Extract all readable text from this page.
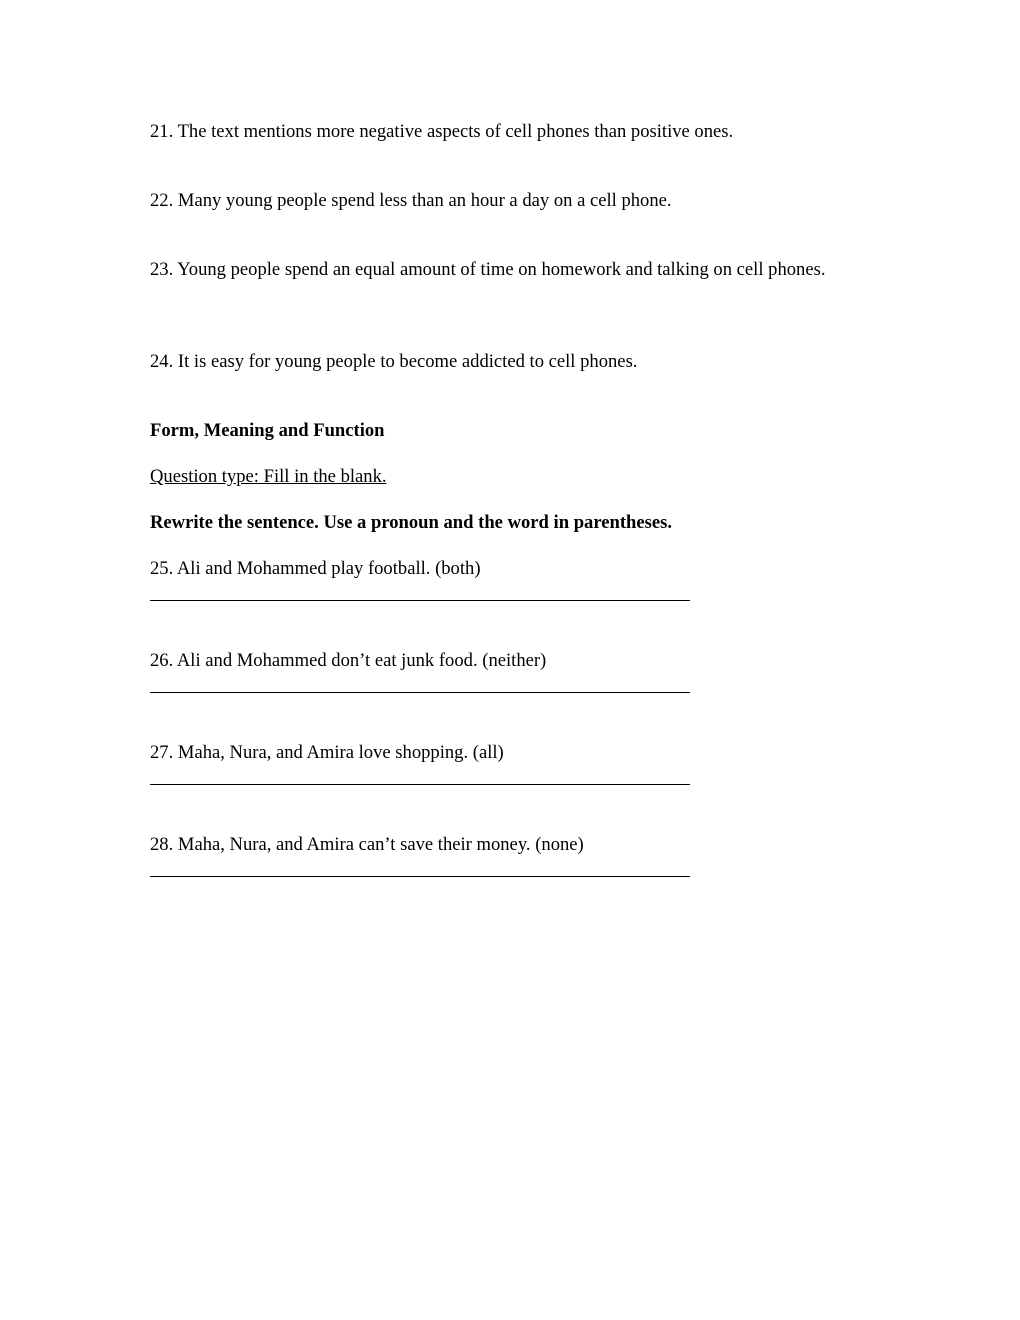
21. The text mentions more negative aspects of cell phones than positive ones.

22. Many young people spend less than an hour a day on a cell phone.

23. Young people spend an equal amount of time on homework and talking on cell phones.

24. It is easy for young people to become addicted to cell phones.

Form, Meaning and Function

Question type: Fill in the blank.

Rewrite the sentence. Use a pronoun and the word in parentheses.

25. Ali and Mohammed play football. (both)

26. Ali and Mohammed don’t eat junk food. (neither)

27. Maha, Nura, and Amira love shopping. (all)

28. Maha, Nura, and Amira can’t save their money. (none)
